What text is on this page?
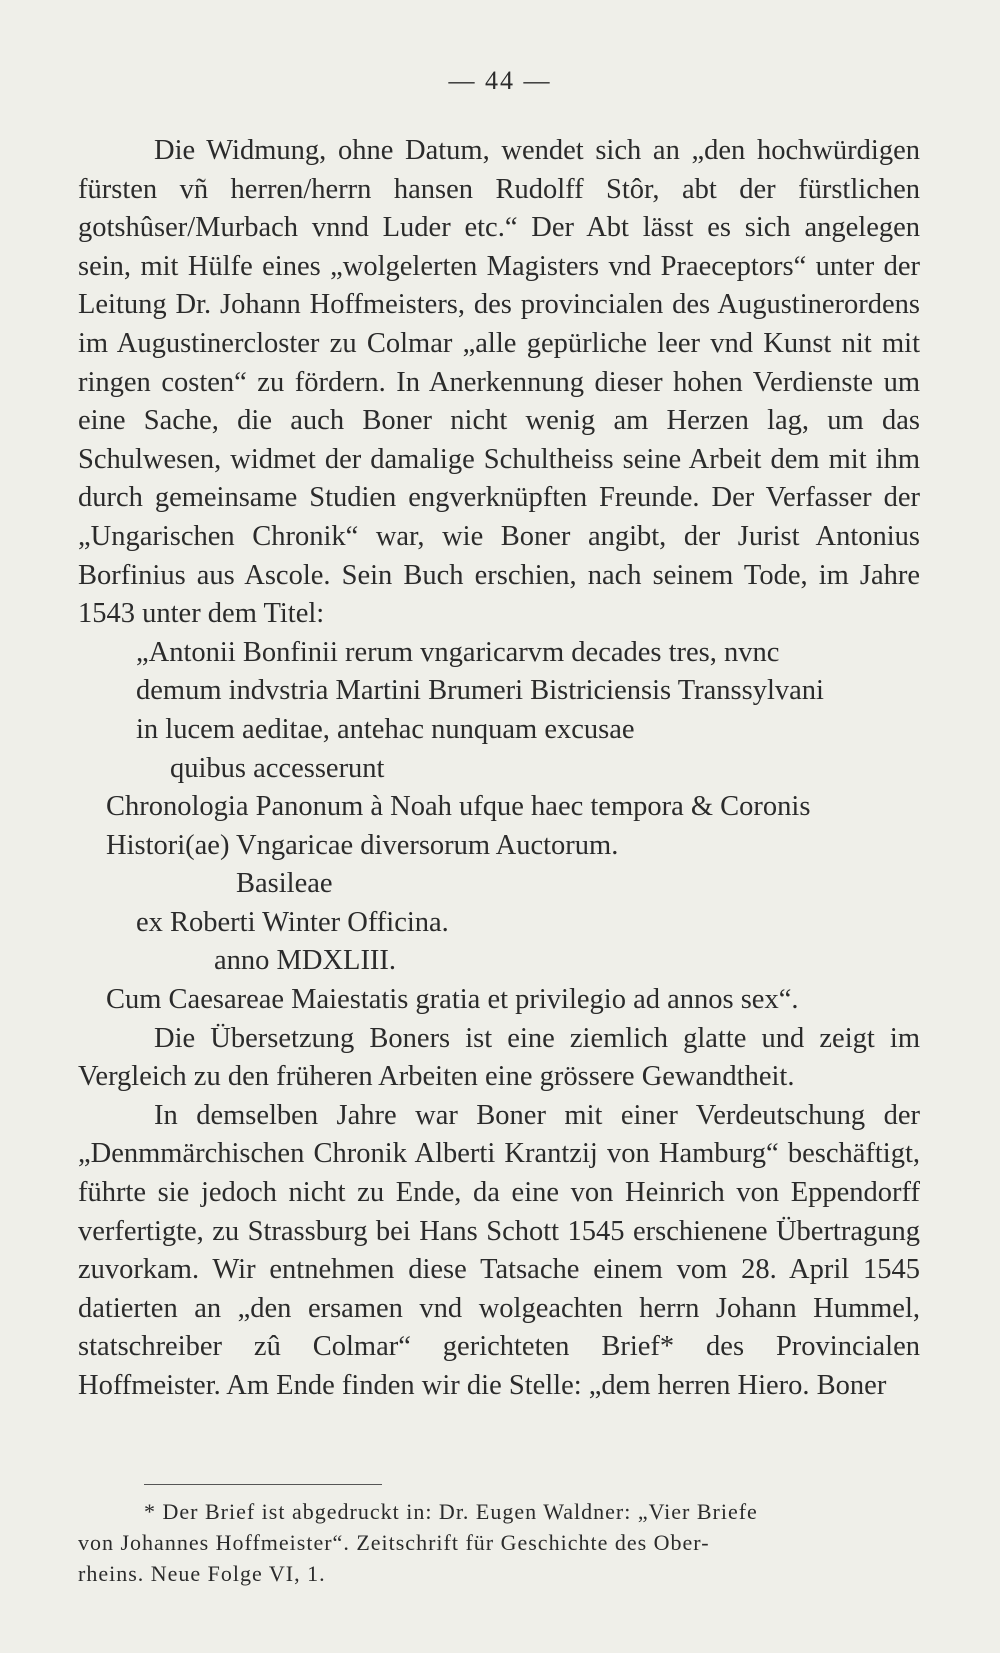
— 44 —

Die Widmung, ohne Datum, wendet sich an „den hochwürdigen fürsten vñ herren/herrn hansen Rudolff Stôr, abt der fürstlichen gotshûser/Murbach vnnd Luder etc.“ Der Abt lässt es sich angelegen sein, mit Hülfe eines „wolgelerten Magisters vnd Praeceptors“ unter der Leitung Dr. Johann Hoffmeisters, des provincialen des Augustinerordens im Augustinercloster zu Colmar „alle gepürliche leer vnd Kunst nit mit ringen costen“ zu fördern. In Anerkennung dieser hohen Verdienste um eine Sache, die auch Boner nicht wenig am Herzen lag, um das Schulwesen, widmet der damalige Schultheiss seine Arbeit dem mit ihm durch gemeinsame Studien engverknüpften Freunde. Der Verfasser der „Ungarischen Chronik“ war, wie Boner angibt, der Jurist Antonius Borfinius aus Ascole. Sein Buch erschien, nach seinem Tode, im Jahre 1543 unter dem Titel:

„Antonii Bonfinii rerum vngaricarvm decades tres, nvnc
demum indvstria Martini Brumeri Bistriciensis Transsylvani
in lucem aeditae, antehac nunquam excusae
quibus accesserunt
Chronologia Panonum à Noah ufque haec tempora & Coronis
Histori(ae) Vngaricae diversorum Auctorum.
Basileae
ex Roberti Winter Officina.
anno MDXLIII.
Cum Caesareae Maiestatis gratia et privilegio ad annos sex“.

Die Übersetzung Boners ist eine ziemlich glatte und zeigt im Vergleich zu den früheren Arbeiten eine grössere Gewandtheit.

In demselben Jahre war Boner mit einer Verdeutschung der „Denmmärchischen Chronik Alberti Krantzij von Hamburg“ beschäftigt, führte sie jedoch nicht zu Ende, da eine von Heinrich von Eppendorff verfertigte, zu Strassburg bei Hans Schott 1545 erschienene Übertragung zuvorkam. Wir entnehmen diese Tatsache einem vom 28. April 1545 datierten an „den ersamen vnd wolgeachten herrn Johann Hummel, statschreiber zû Colmar“ gerichteten Brief* des Provincialen Hoffmeister. Am Ende finden wir die Stelle: „dem herren Hiero. Boner

* Der Brief ist abgedruckt in: Dr. Eugen Waldner: „Vier Briefe
von Johannes Hoffmeister“. Zeitschrift für Geschichte des Ober-
rheins. Neue Folge VI, 1.
